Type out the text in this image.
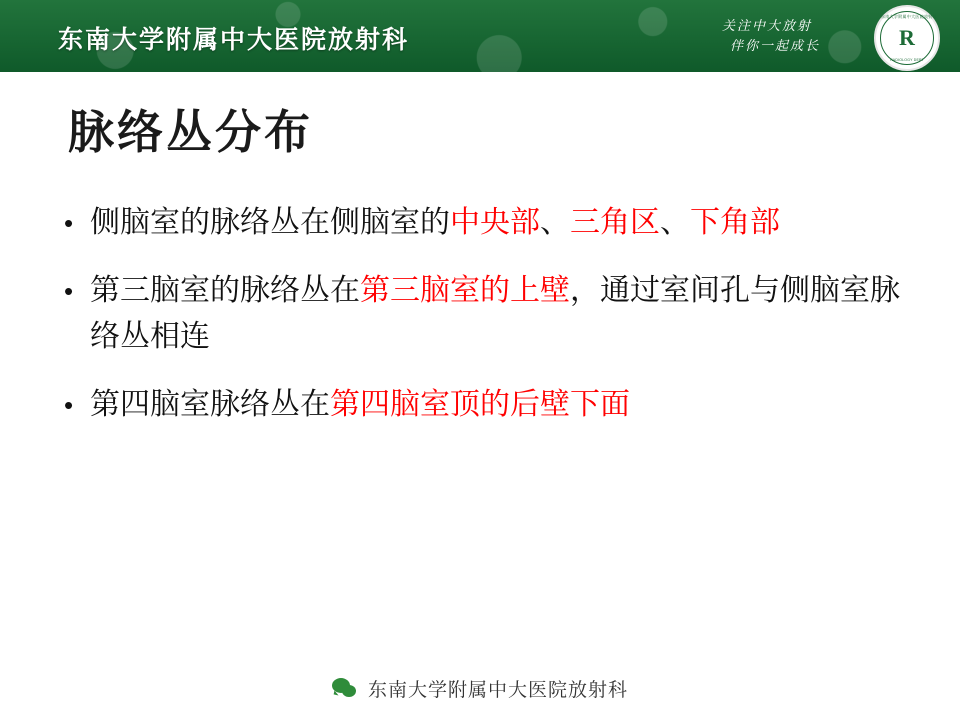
东南大学附属中大医院放射科
关注中大放射
伴你一起成长
东南大学附属中大医院放射科
R
RADIOLOGY DEPT
脉络丛分布
• 侧脑室的脉络丛在侧脑室的中央部、三角区、下角部
• 第三脑室的脉络丛在第三脑室的上壁，通过室间孔与侧脑室脉络丛相连
• 第四脑室脉络丛在第四脑室顶的后壁下面
东南大学附属中大医院放射科
